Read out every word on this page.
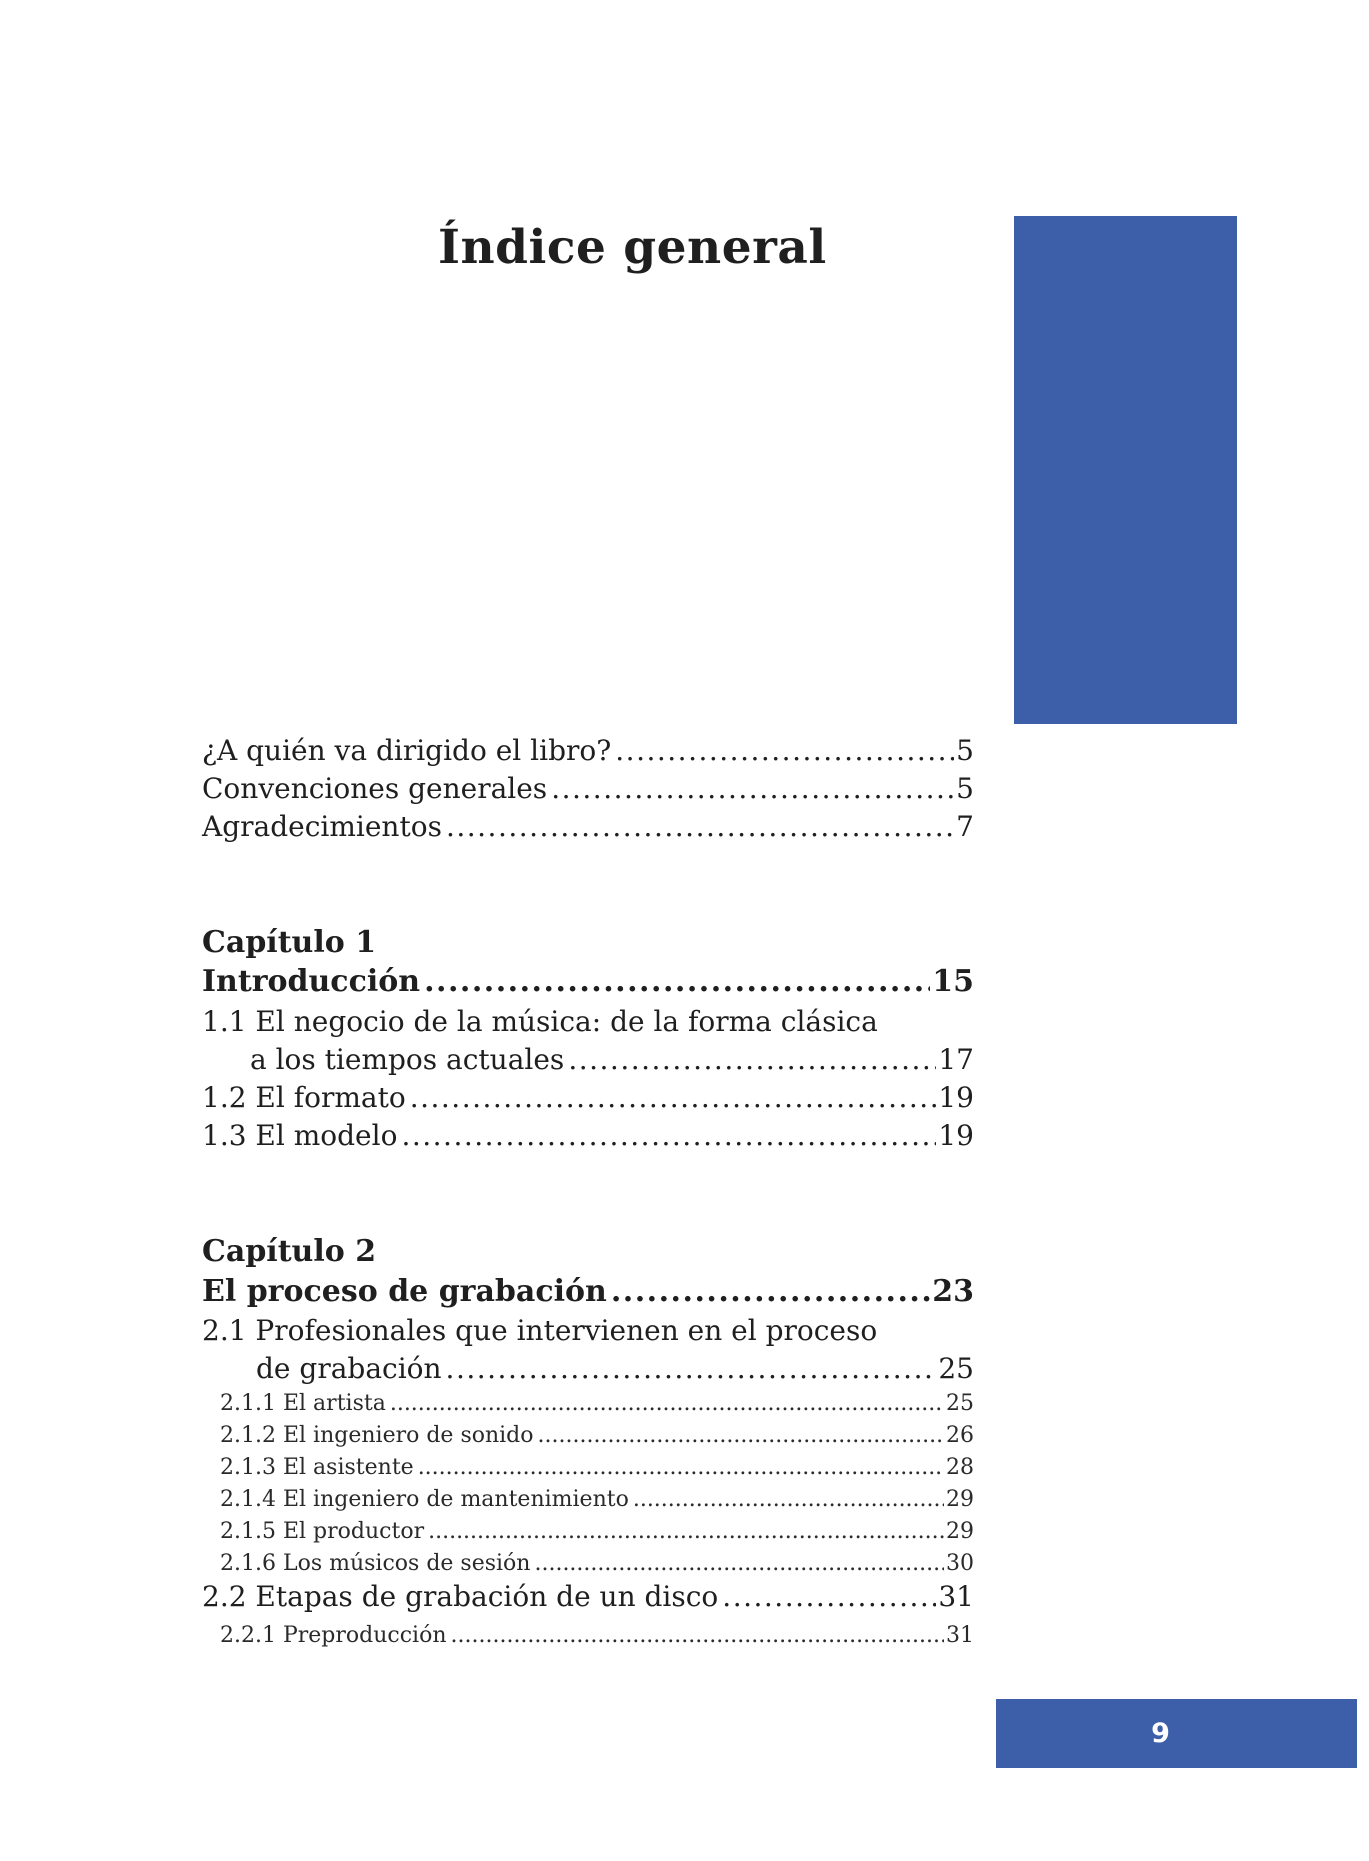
Índice general
¿A quién va dirigido el libro? .....	5
Convenciones generales .....	5
Agradecimientos .....	7
Capítulo 1
Introducción .....	15
1.1 El negocio de la música: de la forma clásica
a los tiempos actuales .....	17
1.2 El formato .....	19
1.3 El modelo .....	19
Capítulo 2
El proceso de grabación .....	23
2.1 Profesionales que intervienen en el proceso
de grabación .....	25
2.1.1 El artista .....	25
2.1.2 El ingeniero de sonido .....	26
2.1.3 El asistente .....	28
2.1.4 El ingeniero de mantenimiento .....	29
2.1.5 El productor .....	29
2.1.6 Los músicos de sesión .....	30
2.2 Etapas de grabación de un disco .....	31
2.2.1 Preproducción .....	31
9
